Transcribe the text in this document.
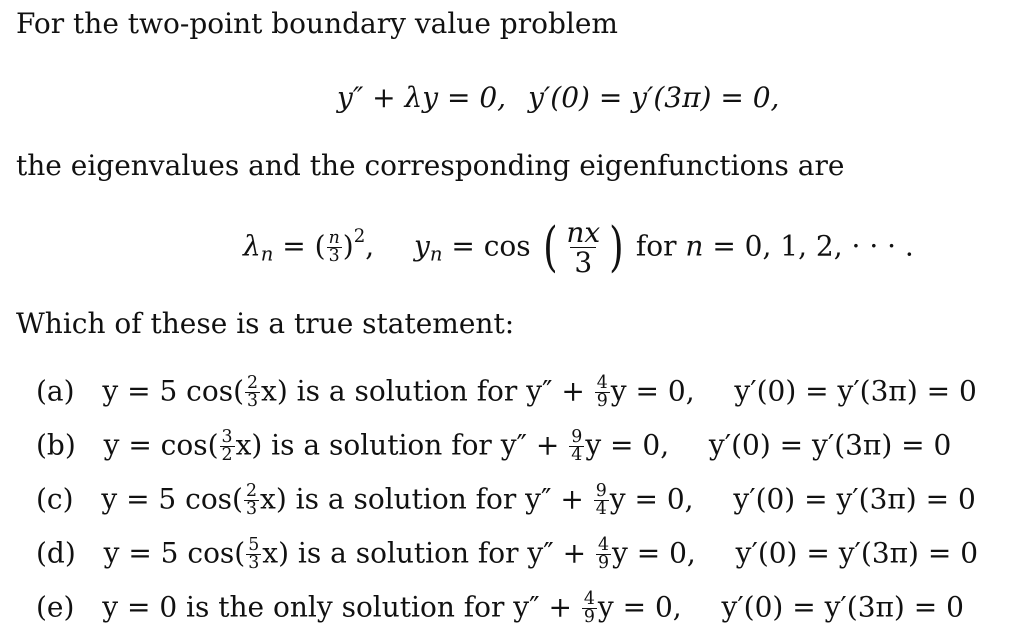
For the two-point boundary value problem
y″ + λy = 0, y′(0) = y′(3π) = 0,
the eigenvalues and the corresponding eigenfunctions are
$\lambda_n$ = ( $\frac{n}{3} )^2$, $y_n = \cos$ ( $\frac{nx}{3}$ ) for n = 0, 1, 2, · · · .
Which of these is a true statement:
(a) y = 5 $\cos( \frac{2}{3} x)$ is a solution for $y'' + \frac{4}{9}$ y = 0, y′(0) = y′(3π) = 0
(b) $y = \cos( \frac{3}{2} x)$ is a solution for $y'' + \frac{9}{4}$ y = 0, y′(0) = y′(3π) = 0
(c) y = 5 $\cos( \frac{2}{3} x)$ is a solution for $y'' + \frac{9}{4}$ y = 0, y′(0) = y′(3π) = 0
(d) y = 5 $\cos( \frac{5}{3} x)$ is a solution for $y'' + \frac{4}{9}$ y = 0, y′(0) = y′(3π) = 0
(e) y = 0 is the only solution for $y'' + \frac{4}{9}$ y = 0, y′(0) = y′(3π) = 0
